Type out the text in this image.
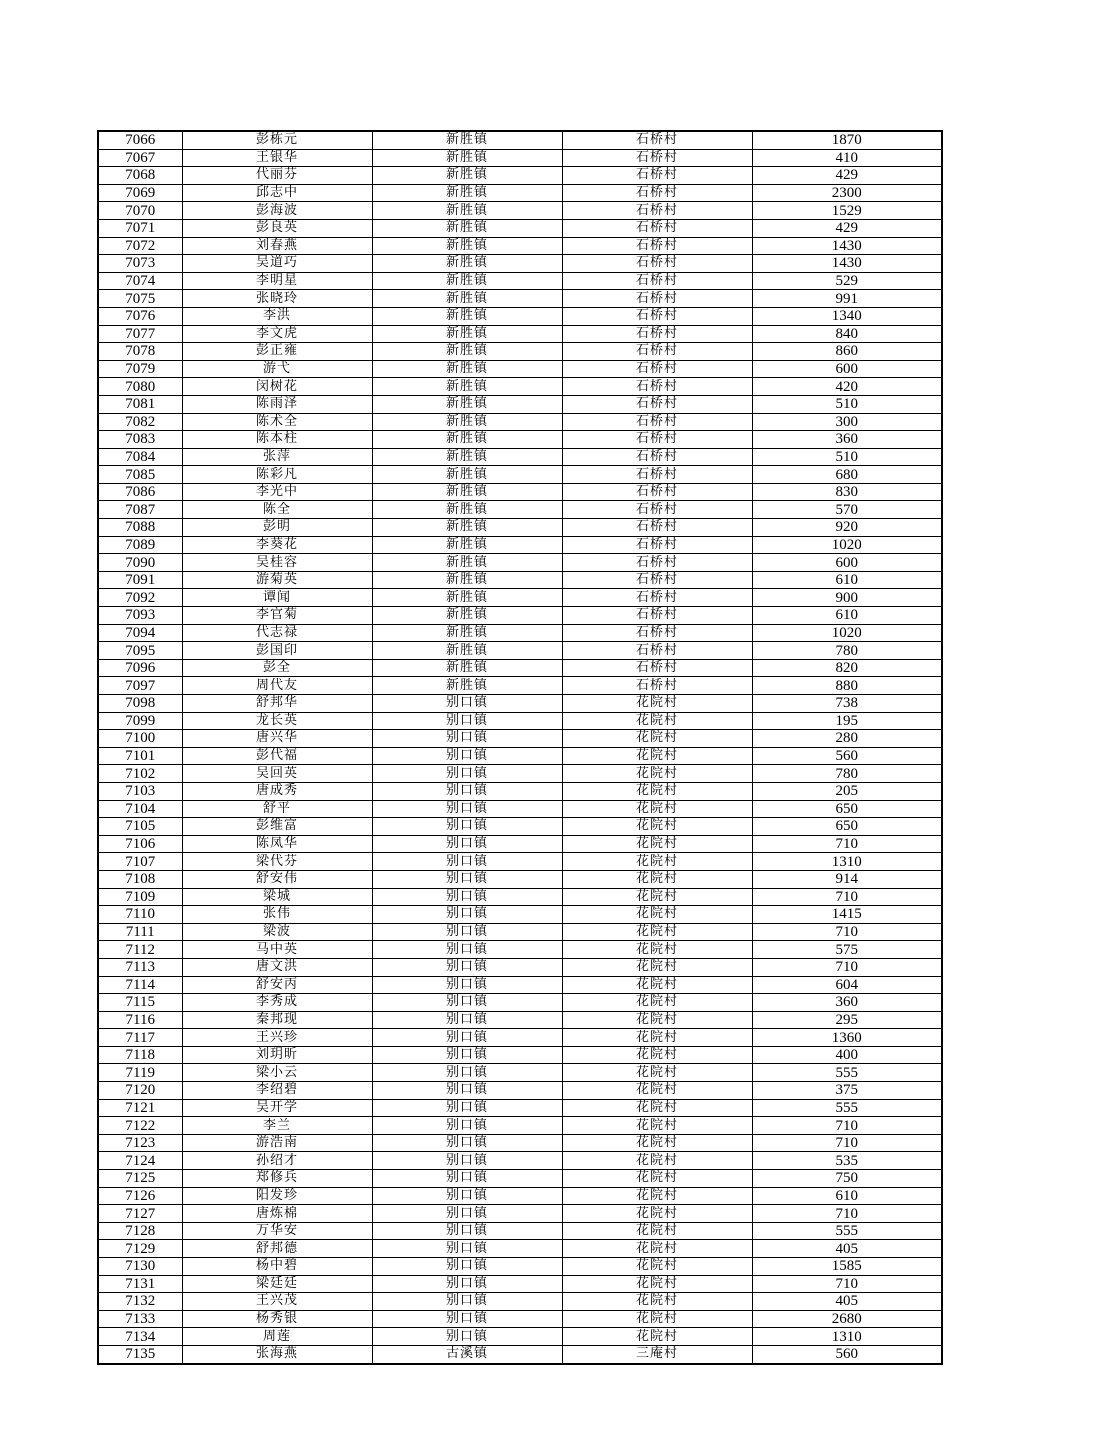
7066	彭栋元	新胜镇	石桥村	1870
7067	王银华	新胜镇	石桥村	410
7068	代丽芬	新胜镇	石桥村	429
7069	邱志中	新胜镇	石桥村	2300
7070	彭海波	新胜镇	石桥村	1529
7071	彭良英	新胜镇	石桥村	429
7072	刘春燕	新胜镇	石桥村	1430
7073	吴道巧	新胜镇	石桥村	1430
7074	李明星	新胜镇	石桥村	529
7075	张晓玲	新胜镇	石桥村	991
7076	李洪	新胜镇	石桥村	1340
7077	李文虎	新胜镇	石桥村	840
7078	彭正雍	新胜镇	石桥村	860
7079	游弋	新胜镇	石桥村	600
7080	闵树花	新胜镇	石桥村	420
7081	陈雨泽	新胜镇	石桥村	510
7082	陈术全	新胜镇	石桥村	300
7083	陈本柱	新胜镇	石桥村	360
7084	张萍	新胜镇	石桥村	510
7085	陈彩凡	新胜镇	石桥村	680
7086	李光中	新胜镇	石桥村	830
7087	陈全	新胜镇	石桥村	570
7088	彭明	新胜镇	石桥村	920
7089	李葵花	新胜镇	石桥村	1020
7090	吴桂容	新胜镇	石桥村	600
7091	游菊英	新胜镇	石桥村	610
7092	谭闻	新胜镇	石桥村	900
7093	李官菊	新胜镇	石桥村	610
7094	代志禄	新胜镇	石桥村	1020
7095	彭国印	新胜镇	石桥村	780
7096	彭全	新胜镇	石桥村	820
7097	周代友	新胜镇	石桥村	880
7098	舒邦华	别口镇	花院村	738
7099	龙长英	别口镇	花院村	195
7100	唐兴华	别口镇	花院村	280
7101	彭代福	别口镇	花院村	560
7102	吴回英	别口镇	花院村	780
7103	唐成秀	别口镇	花院村	205
7104	舒平	别口镇	花院村	650
7105	彭维富	别口镇	花院村	650
7106	陈凤华	别口镇	花院村	710
7107	梁代芬	别口镇	花院村	1310
7108	舒安伟	别口镇	花院村	914
7109	梁城	别口镇	花院村	710
7110	张伟	别口镇	花院村	1415
7111	梁波	别口镇	花院村	710
7112	马中英	别口镇	花院村	575
7113	唐文洪	别口镇	花院村	710
7114	舒安丙	别口镇	花院村	604
7115	李秀成	别口镇	花院村	360
7116	秦邦现	别口镇	花院村	295
7117	王兴珍	别口镇	花院村	1360
7118	刘玥昕	别口镇	花院村	400
7119	梁小云	别口镇	花院村	555
7120	李绍碧	别口镇	花院村	375
7121	吴开学	别口镇	花院村	555
7122	李兰	别口镇	花院村	710
7123	游浩南	别口镇	花院村	710
7124	孙绍才	别口镇	花院村	535
7125	郑修兵	别口镇	花院村	750
7126	阳发珍	别口镇	花院村	610
7127	唐炼棉	别口镇	花院村	710
7128	万华安	别口镇	花院村	555
7129	舒邦德	别口镇	花院村	405
7130	杨中碧	别口镇	花院村	1585
7131	梁廷廷	别口镇	花院村	710
7132	王兴茂	别口镇	花院村	405
7133	杨秀银	别口镇	花院村	2680
7134	周莲	别口镇	花院村	1310
7135	张海燕	古溪镇	三庵村	560
